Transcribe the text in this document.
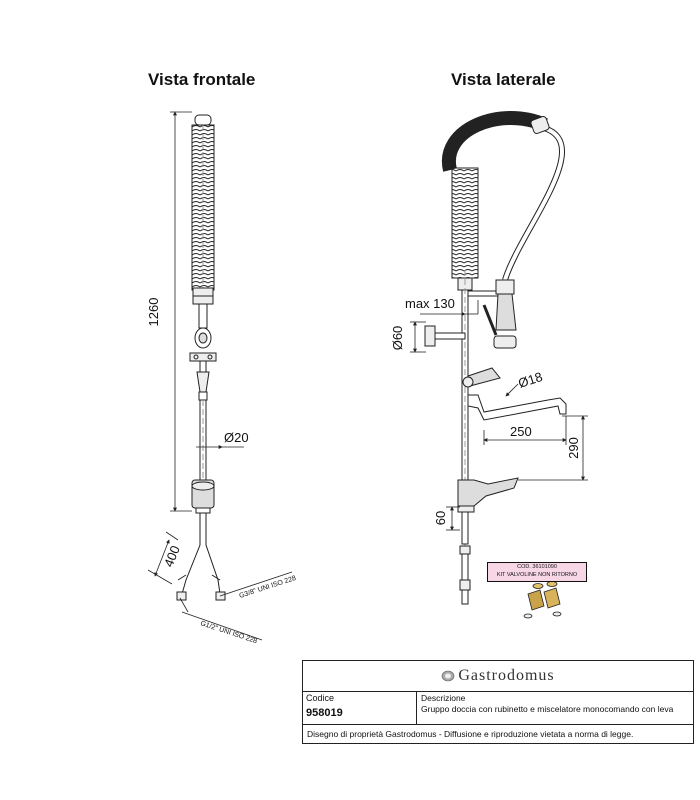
Vista frontale	Vista laterale
1260
Ø20
400
G3/8" UNI ISO 228
G1/2" UNI ISO 228
max 130
Ø60
Ø18
250
290
60
COD. 36101090
KIT VALVOLINE NON RITORNO
Gastrodomus
Codice
958019
Descrizione
Gruppo doccia con rubinetto e miscelatore monocomando con leva
Disegno di proprietà Gastrodomus - Diffusione e riproduzione vietata a norma di legge.
